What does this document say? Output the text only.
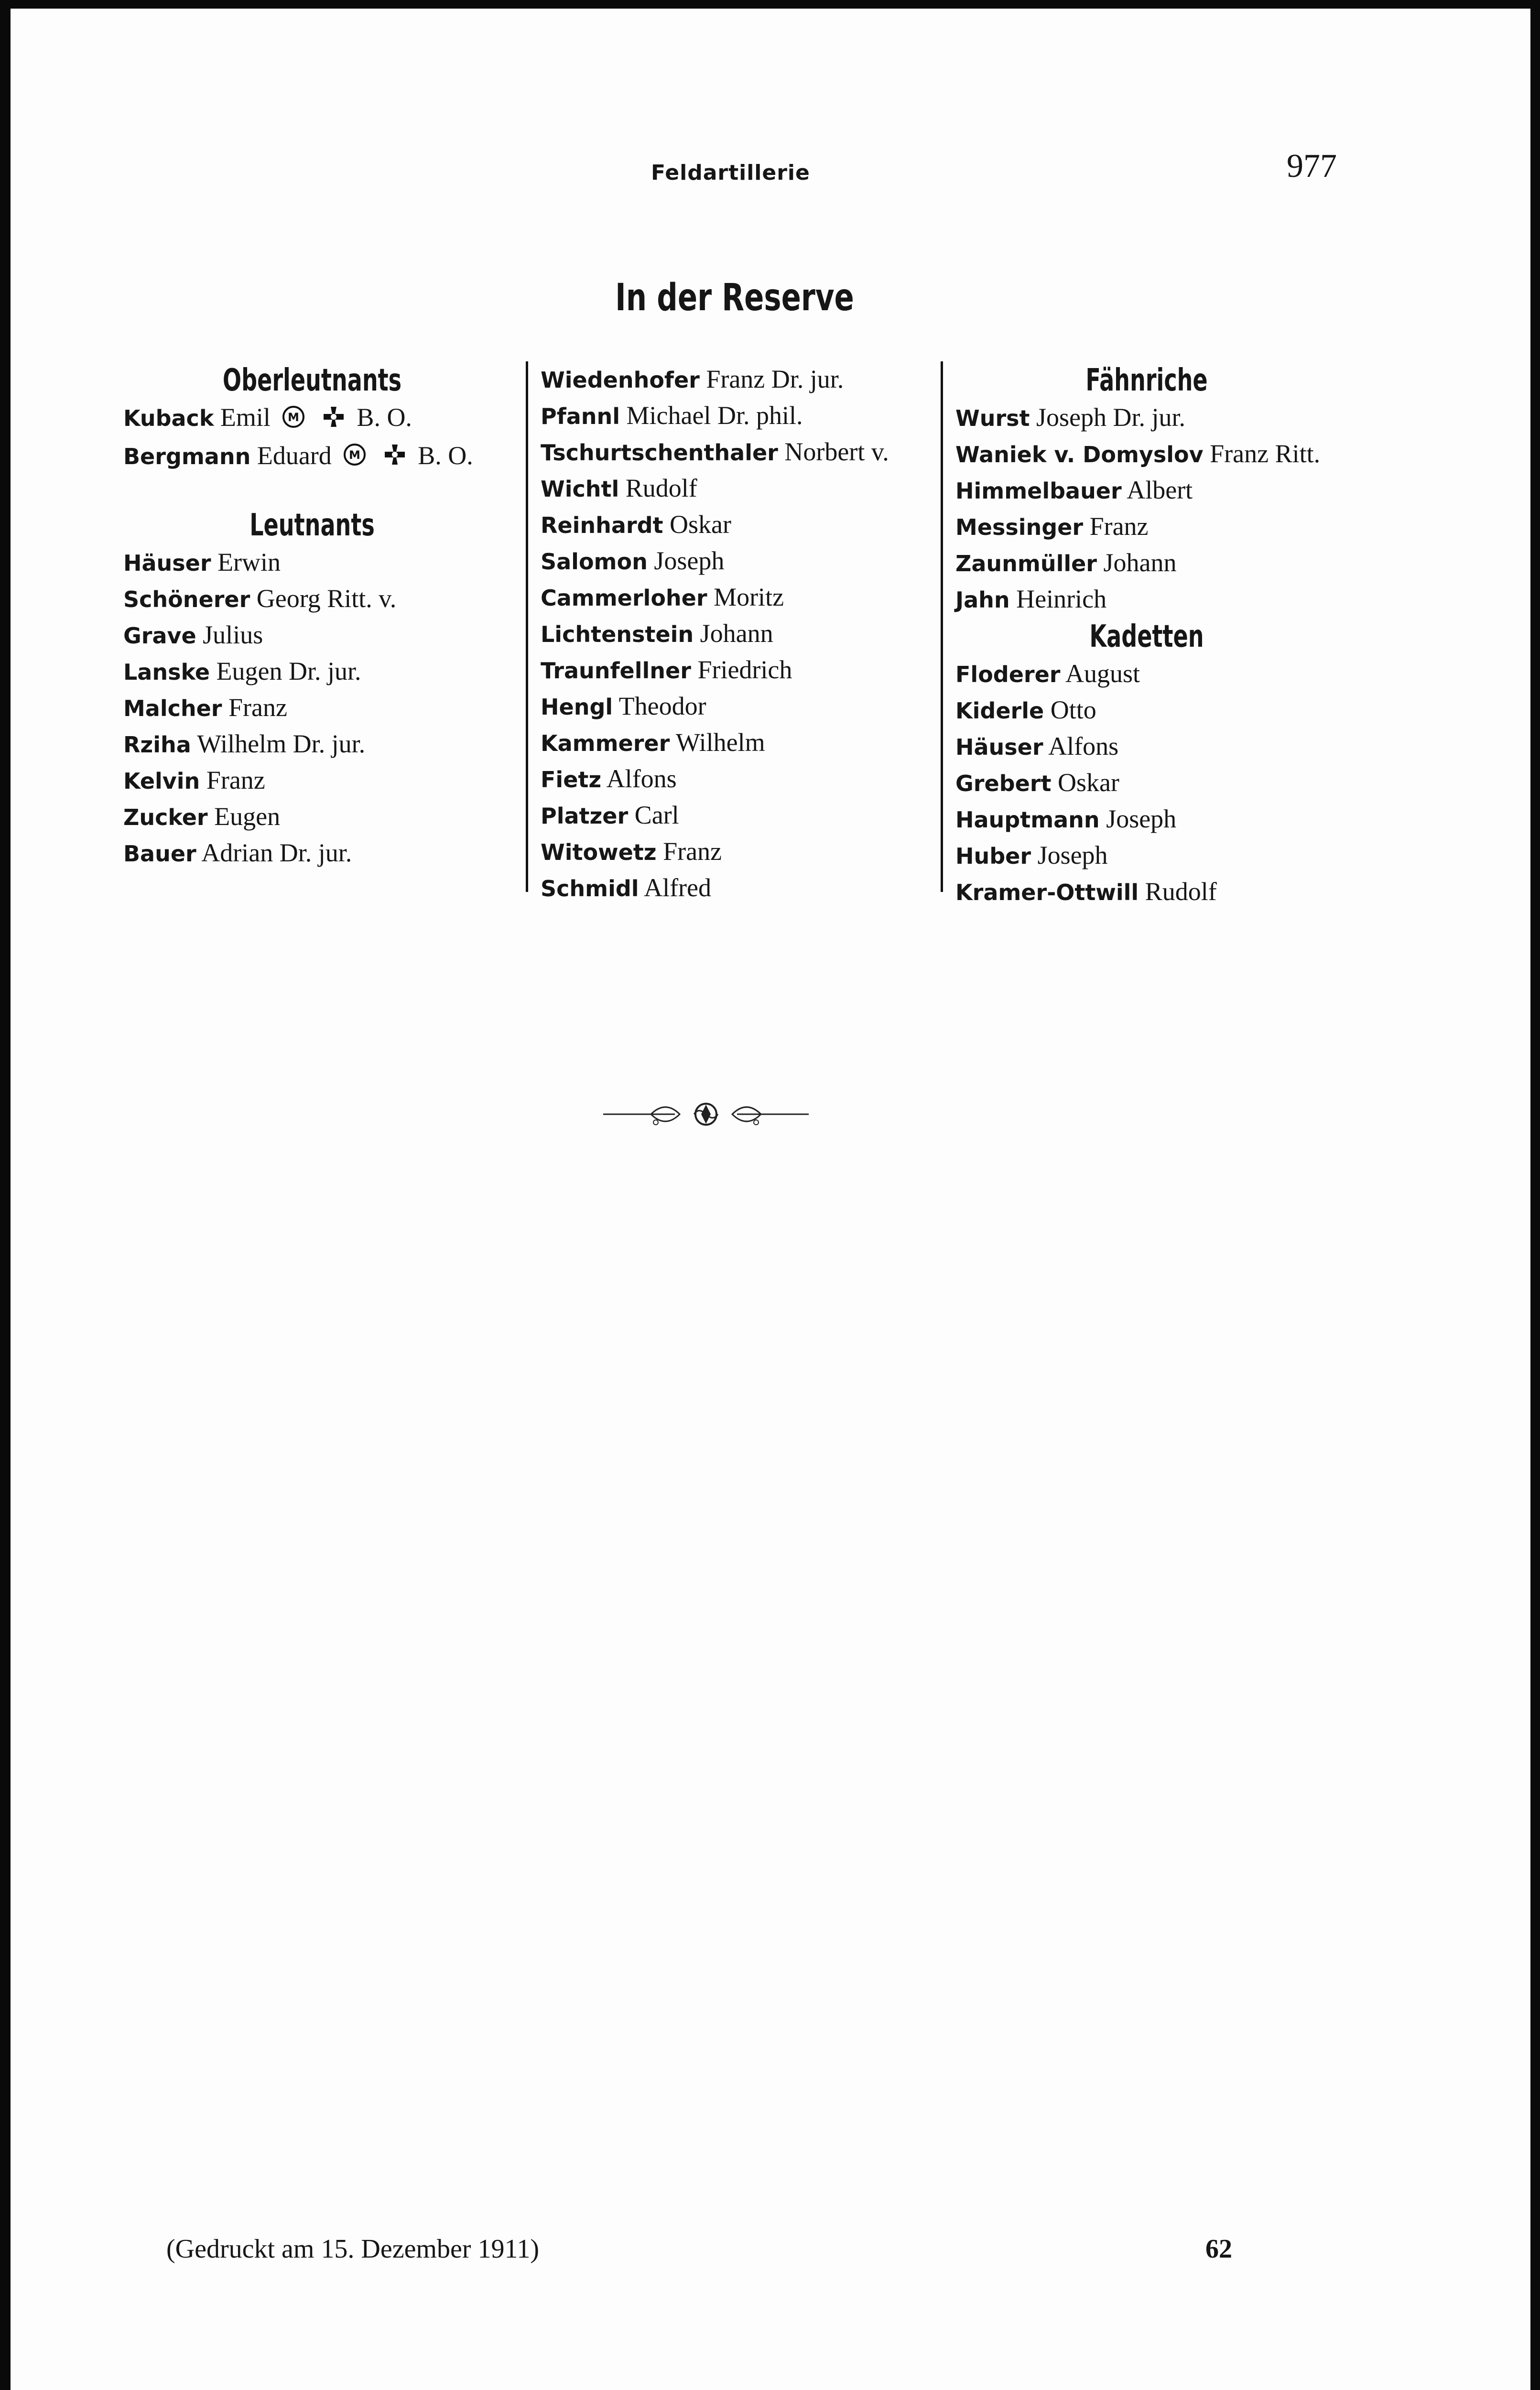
Feldartillerie	977
In der Reserve
Oberleutnants
Kuback Emil M B. O.
Bergmann Eduard M B. O.
Leutnants
Häuser Erwin
Schönerer Georg Ritt. v.
Grave Julius
Lanske Eugen Dr. jur.
Malcher Franz
Rziha Wilhelm Dr. jur.
Kelvin Franz
Zucker Eugen
Bauer Adrian Dr. jur.
Wiedenhofer Franz Dr. jur.
Pfannl Michael Dr. phil.
Tschurtschenthaler Norbert v.
Wichtl Rudolf
Reinhardt Oskar
Salomon Joseph
Cammerloher Moritz
Lichtenstein Johann
Traunfellner Friedrich
Hengl Theodor
Kammerer Wilhelm
Fietz Alfons
Platzer Carl
Witowetz Franz
Schmidl Alfred
Fähnriche
Wurst Joseph Dr. jur.
Waniek v. Domyslov Franz Ritt.
Himmelbauer Albert
Messinger Franz
Zaunmüller Johann
Jahn Heinrich
Kadetten
Floderer August
Kiderle Otto
Häuser Alfons
Grebert Oskar
Hauptmann Joseph
Huber Joseph
Kramer-Ottwill Rudolf
(Gedruckt am 15. Dezember 1911)	62
